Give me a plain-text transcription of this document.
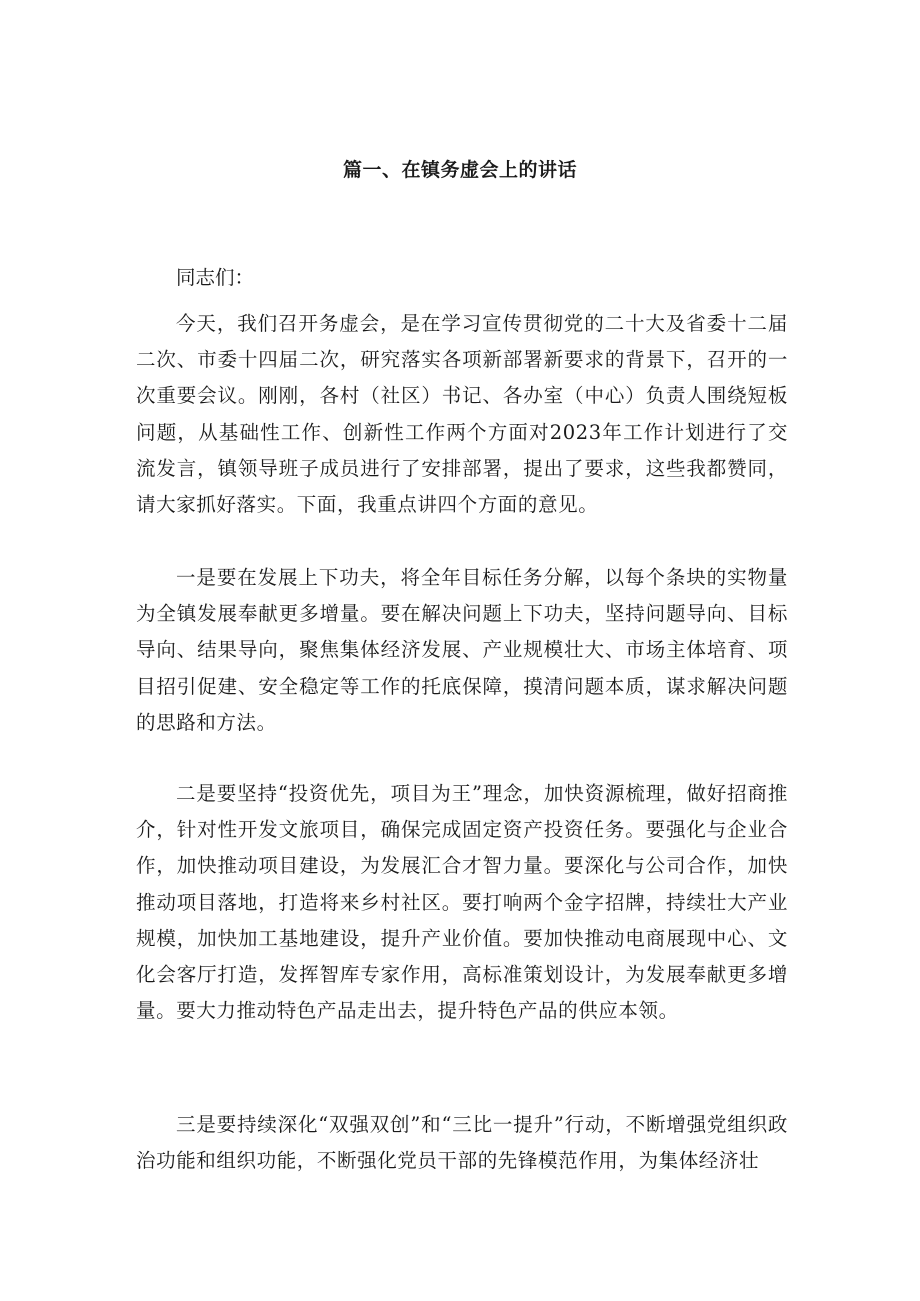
篇一、在镇务虚会上的讲话

同志们：

今天，我们召开务虚会，是在学习宣传贯彻党的二十大及省委十二届二次、市委十四届二次，研究落实各项新部署新要求的背景下，召开的一次重要会议。刚刚，各村（社区）书记、各办室（中心）负责人围绕短板问题，从基础性工作、创新性工作两个方面对2023年工作计划进行了交流发言，镇领导班子成员进行了安排部署，提出了要求，这些我都赞同，请大家抓好落实。下面，我重点讲四个方面的意见。

一是要在发展上下功夫，将全年目标任务分解，以每个条块的实物量为全镇发展奉献更多增量。要在解决问题上下功夫，坚持问题导向、目标导向、结果导向，聚焦集体经济发展、产业规模壮大、市场主体培育、项目招引促建、安全稳定等工作的托底保障，摸清问题本质，谋求解决问题的思路和方法。

二是要坚持“投资优先，项目为王”理念，加快资源梳理，做好招商推介，针对性开发文旅项目，确保完成固定资产投资任务。要强化与企业合作，加快推动项目建设，为发展汇合才智力量。要深化与公司合作，加快推动项目落地，打造将来乡村社区。要打响两个金字招牌，持续壮大产业规模，加快加工基地建设，提升产业价值。要加快推动电商展现中心、文化会客厅打造，发挥智库专家作用，高标准策划设计，为发展奉献更多增量。要大力推动特色产品走出去，提升特色产品的供应本领。

三是要持续深化“双强双创”和“三比一提升”行动，不断增强党组织政治功能和组织功能，不断强化党员干部的先锋模范作用，为集体经济壮
